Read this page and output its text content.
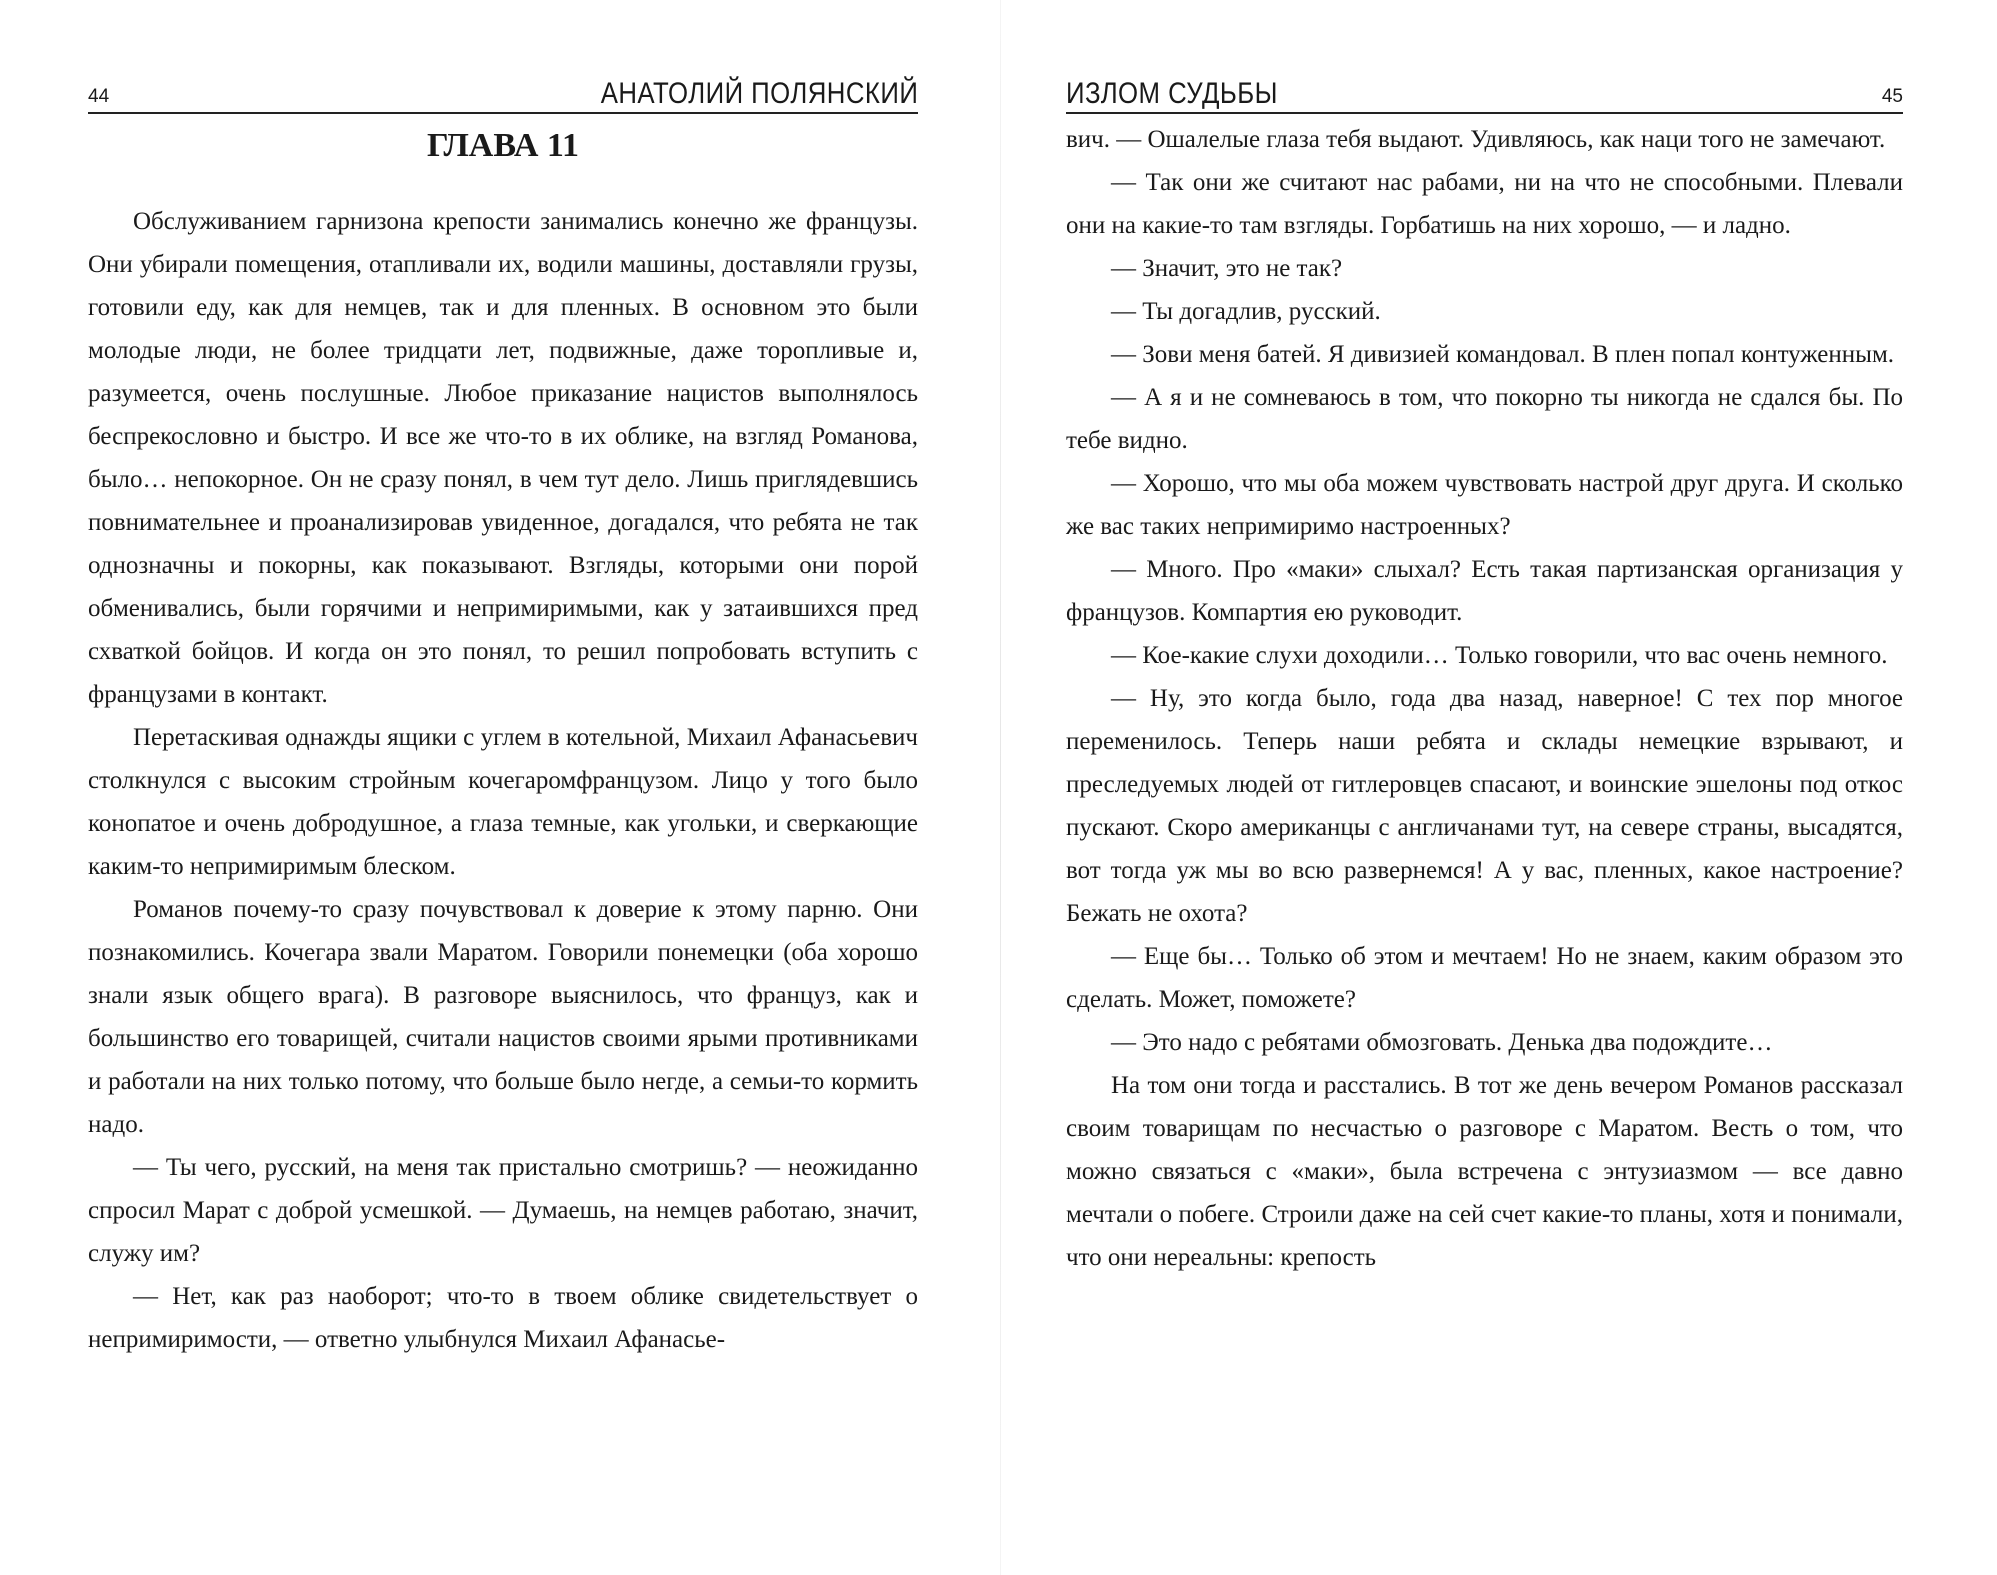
44	АНАТОЛИЙ ПОЛЯНСКИЙ
ГЛАВА 11

Обслуживанием гарнизона крепости занимались конечно же французы. Они убирали помещения, отапливали их, водили машины, доставляли грузы, готовили еду, как для немцев, так и для пленных. В основном это были молодые люди, не более тридцати лет, подвижные, даже торопливые и, разумеется, очень послушные. Любое приказание нацистов выполнялось беспрекословно и быстро. И все же что-то в их облике, на взгляд Романова, было… непокорное. Он не сразу понял, в чем тут дело. Лишь приглядевшись повнимательнее и проанализировав увиденное, догадался, что ребята не так однозначны и покорны, как показывают. Взгляды, которыми они порой обменивались, были горячими и непримиримыми, как у затаившихся пред схваткой бойцов. И когда он это понял, то решил попробовать вступить с французами в контакт.

Перетаскивая однажды ящики с углем в котельной, Михаил Афанасьевич столкнулся с высоким стройным кочегаромфранцузом. Лицо у того было конопатое и очень добродушное, а глаза темные, как угольки, и сверкающие каким-то непримиримым блеском.

Романов почему-то сразу почувствовал к доверие к этому парню. Они познакомились. Кочегара звали Маратом. Говорили понемецки (оба хорошо знали язык общего врага). В разговоре выяснилось, что француз, как и большинство его товарищей, считали нацистов своими ярыми противниками и работали на них только потому, что больше было негде, а семьи-то кормить надо.

— Ты чего, русский, на меня так пристально смотришь? — неожиданно спросил Марат с доброй усмешкой. — Думаешь, на немцев работаю, значит, служу им?

— Нет, как раз наоборот; что-то в твоем облике свидетельствует о непримиримости, — ответно улыбнулся Михаил Афанасье-

ИЗЛОМ СУДЬБЫ	45

вич. — Ошалелые глаза тебя выдают. Удивляюсь, как наци того не замечают.

— Так они же считают нас рабами, ни на что не способными. Плевали они на какие-то там взгляды. Горбатишь на них хорошо, — и ладно.

— Значит, это не так?

— Ты догадлив, русский.

— Зови меня батей. Я дивизией командовал. В плен попал контуженным.

— А я и не сомневаюсь в том, что покорно ты никогда не сдался бы. По тебе видно.

— Хорошо, что мы оба можем чувствовать настрой друг друга. И сколько же вас таких непримиримо настроенных?

— Много. Про «маки» слыхал? Есть такая партизанская организация у французов. Компартия ею руководит.

— Кое-какие слухи доходили… Только говорили, что вас очень немного.

— Ну, это когда было, года два назад, наверное! С тех пор многое переменилось. Теперь наши ребята и склады немецкие взрывают, и преследуемых людей от гитлеровцев спасают, и воинские эшелоны под откос пускают. Скоро американцы с англичанами тут, на севере страны, высадятся, вот тогда уж мы во всю развернемся! А у вас, пленных, какое настроение? Бежать не охота?

— Еще бы… Только об этом и мечтаем! Но не знаем, каким образом это сделать. Может, поможете?

— Это надо с ребятами обмозговать. Денька два подождите…

На том они тогда и расстались. В тот же день вечером Романов рассказал своим товарищам по несчастью о разговоре с Маратом. Весть о том, что можно связаться с «маки», была встречена с энтузиазмом — все давно мечтали о побеге. Строили даже на сей счет какие-то планы, хотя и понимали, что они нереальны: крепость
